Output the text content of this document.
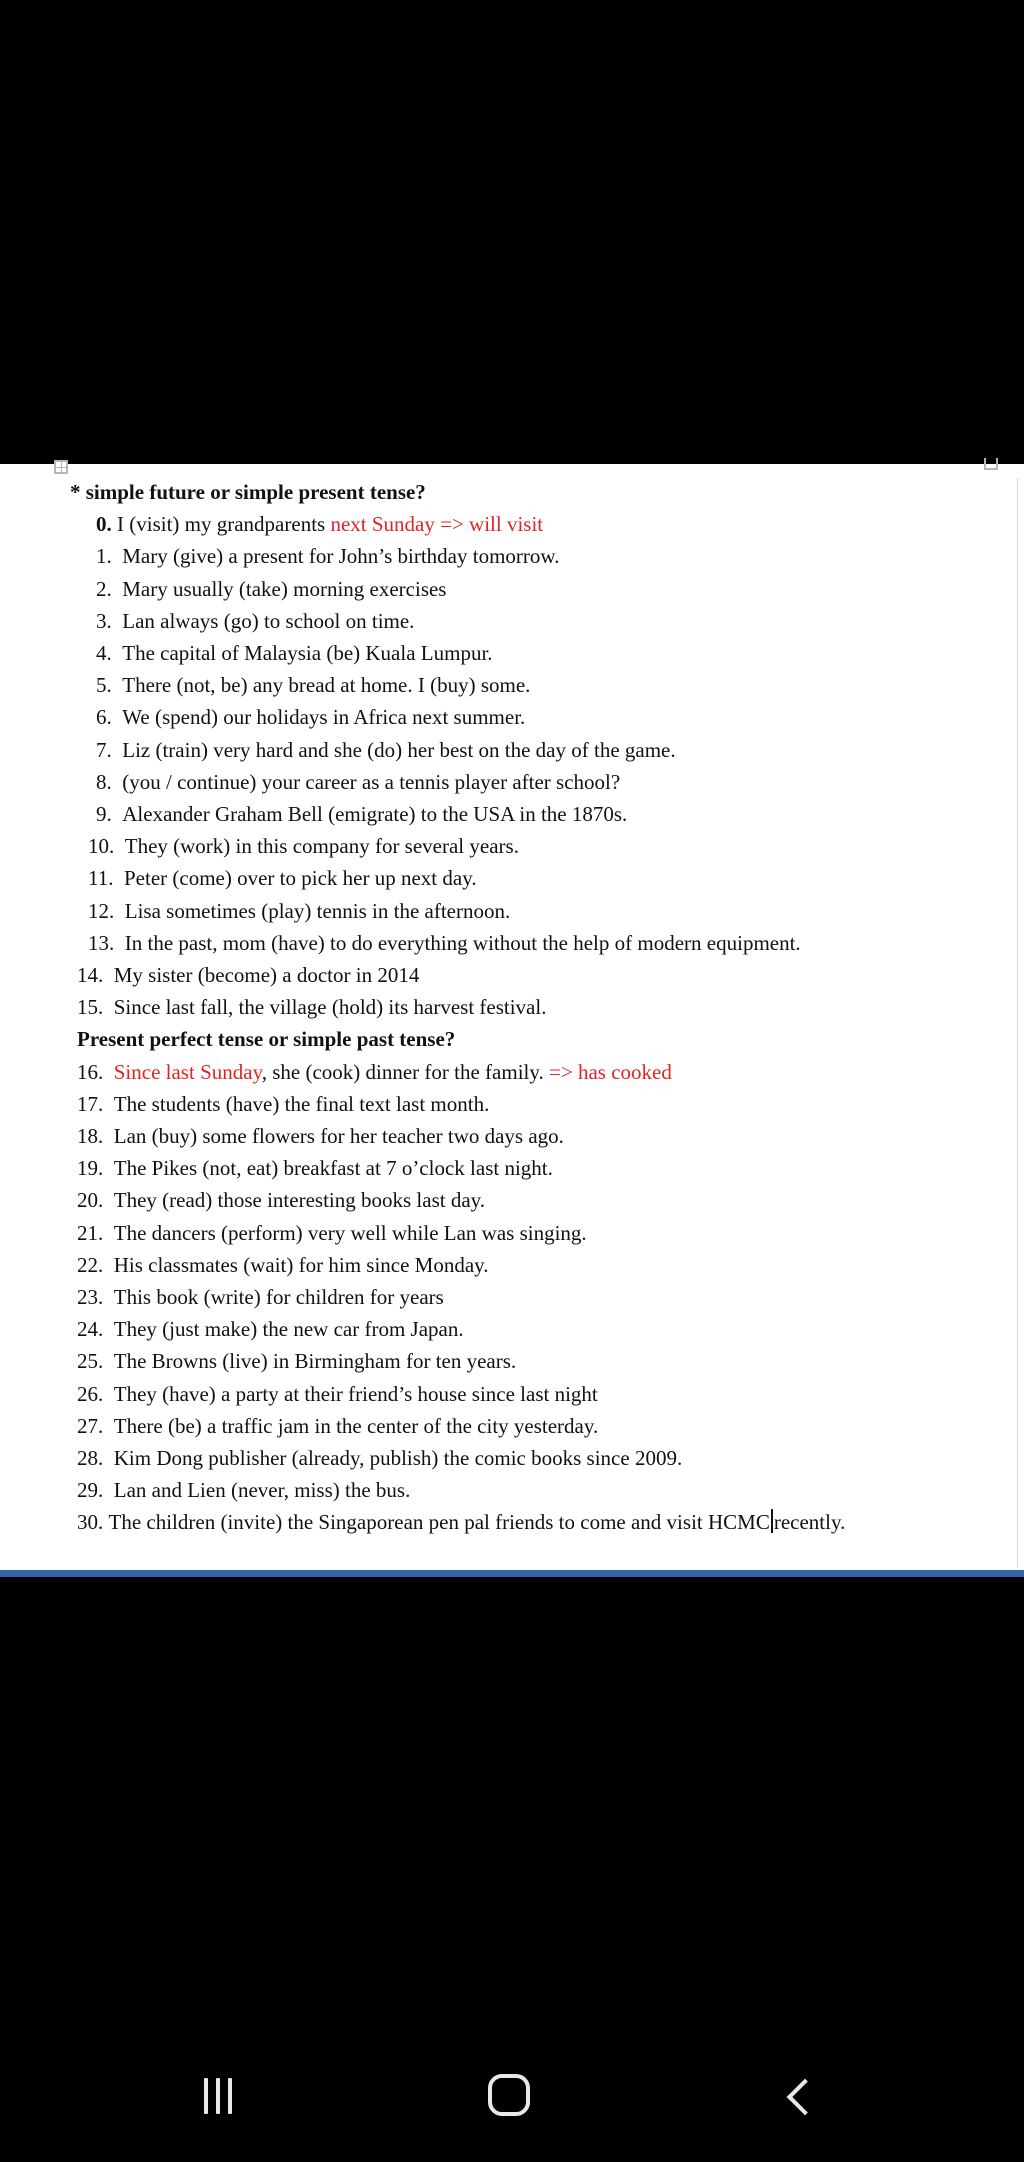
* simple future or simple present tense?
0. I (visit) my grandparents next Sunday => will visit
1. Mary (give) a present for John’s birthday tomorrow.
2. Mary usually (take) morning exercises
3. Lan always (go) to school on time.
4. The capital of Malaysia (be) Kuala Lumpur.
5. There (not, be) any bread at home. I (buy) some.
6. We (spend) our holidays in Africa next summer.
7. Liz (train) very hard and she (do) her best on the day of the game.
8. (you / continue) your career as a tennis player after school?
9. Alexander Graham Bell (emigrate) to the USA in the 1870s.
10. They (work) in this company for several years.
11. Peter (come) over to pick her up next day.
12. Lisa sometimes (play) tennis in the afternoon.
13. In the past, mom (have) to do everything without the help of modern equipment.
14. My sister (become) a doctor in 2014
15. Since last fall, the village (hold) its harvest festival.
Present perfect tense or simple past tense?
16. Since last Sunday, she (cook) dinner for the family. => has cooked
17. The students (have) the final text last month.
18. Lan (buy) some flowers for her teacher two days ago.
19. The Pikes (not, eat) breakfast at 7 o’clock last night.
20. They (read) those interesting books last day.
21. The dancers (perform) very well while Lan was singing.
22. His classmates (wait) for him since Monday.
23. This book (write) for children for years
24. They (just make) the new car from Japan.
25. The Browns (live) in Birmingham for ten years.
26. They (have) a party at their friend’s house since last night
27. There (be) a traffic jam in the center of the city yesterday.
28. Kim Dong publisher (already, publish) the comic books since 2009.
29. Lan and Lien (never, miss) the bus.
30. The children (invite) the Singaporean pen pal friends to come and visit HCMC recently.
